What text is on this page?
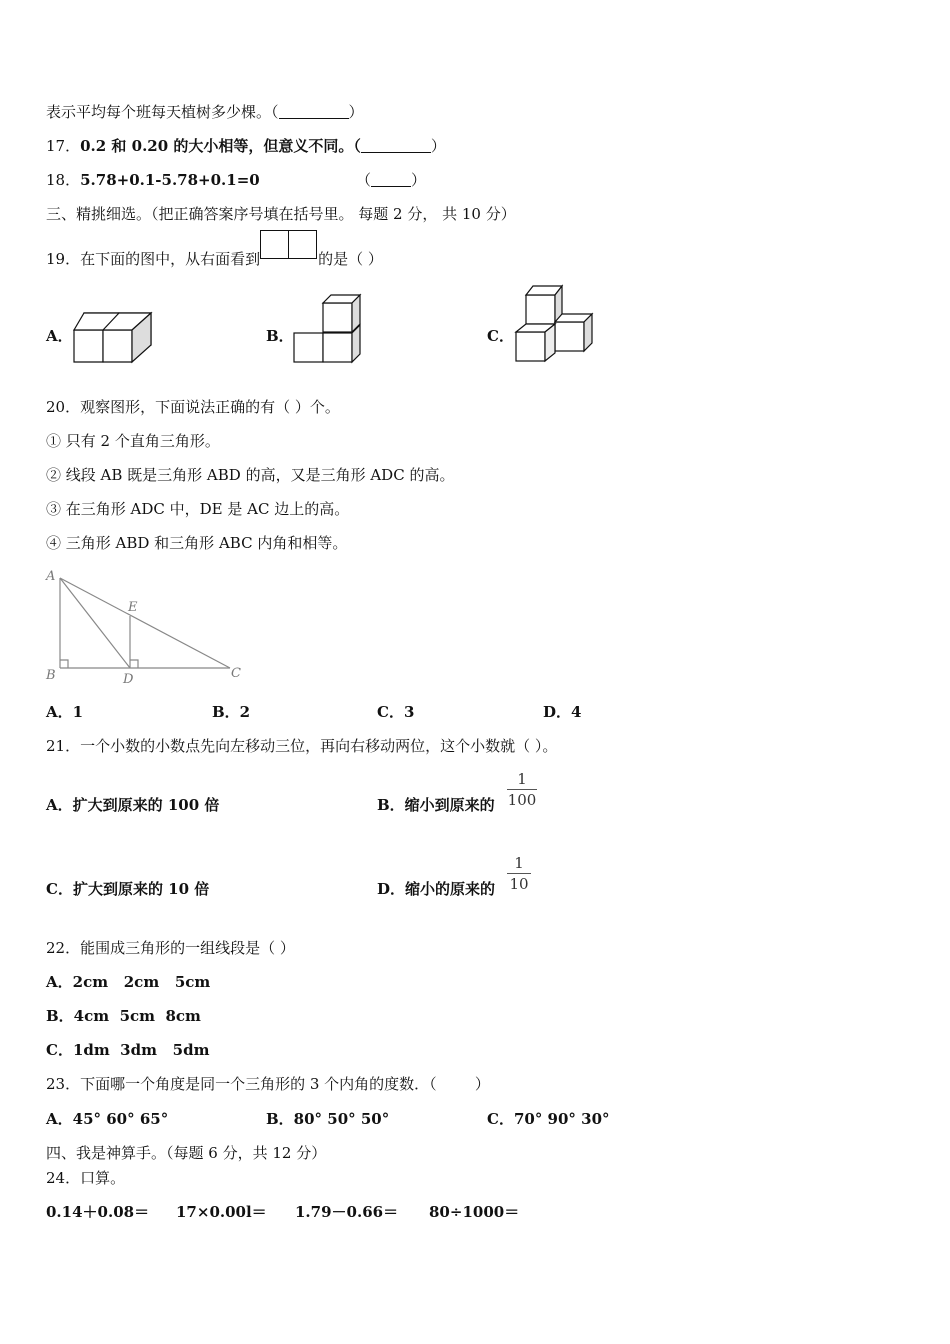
表示平均每个班每天植树多少棵。（	）
17．0.2 和 0.20 的大小相等，但意义不同。（	）
18．5.78+0.1-5.78+0.1=0	（	）
三、精挑细选。（把正确答案序号填在括号里。 每题 2 分， 共 10 分）
19．在下面的图中，从右面看到	的是（ ）
A．	B．	C．
20．观察图形，下面说法正确的有（ ）个。
① 只有 2 个直角三角形。
② 线段 AB 既是三角形 ABD 的高，又是三角形 ADC 的高。
③ 在三角形 ADC 中，DE 是 AC 边上的高。
④ 三角形 ABD 和三角形 ABC 内角和相等。
A
B	D
E
C
A．1	B．2	C．3	D．4
21．一个小数的小数点先向左移动三位，再向右移动两位，这个小数就（ ）。
A．扩大到原来的 100 倍	B．缩小到原来的
1
100
C．扩大到原来的 10 倍	D．缩小的原来的
1
10
22．能围成三角形的一组线段是（ ）
A．2cm   2cm   5cm
B．4cm  5cm  8cm
C．1dm  3dm   5dm
23．下面哪一个角度是同一个三角形的 3 个内角的度数．（        ）
A．45° 60° 65°	B．80° 50° 50°	C．70° 90° 30°
四、我是神算手。（每题 6 分，共 12 分）
24．口算。
0.14＋0.08＝ 17×0.00l＝ 1.79－0.66＝ 80÷1000＝
